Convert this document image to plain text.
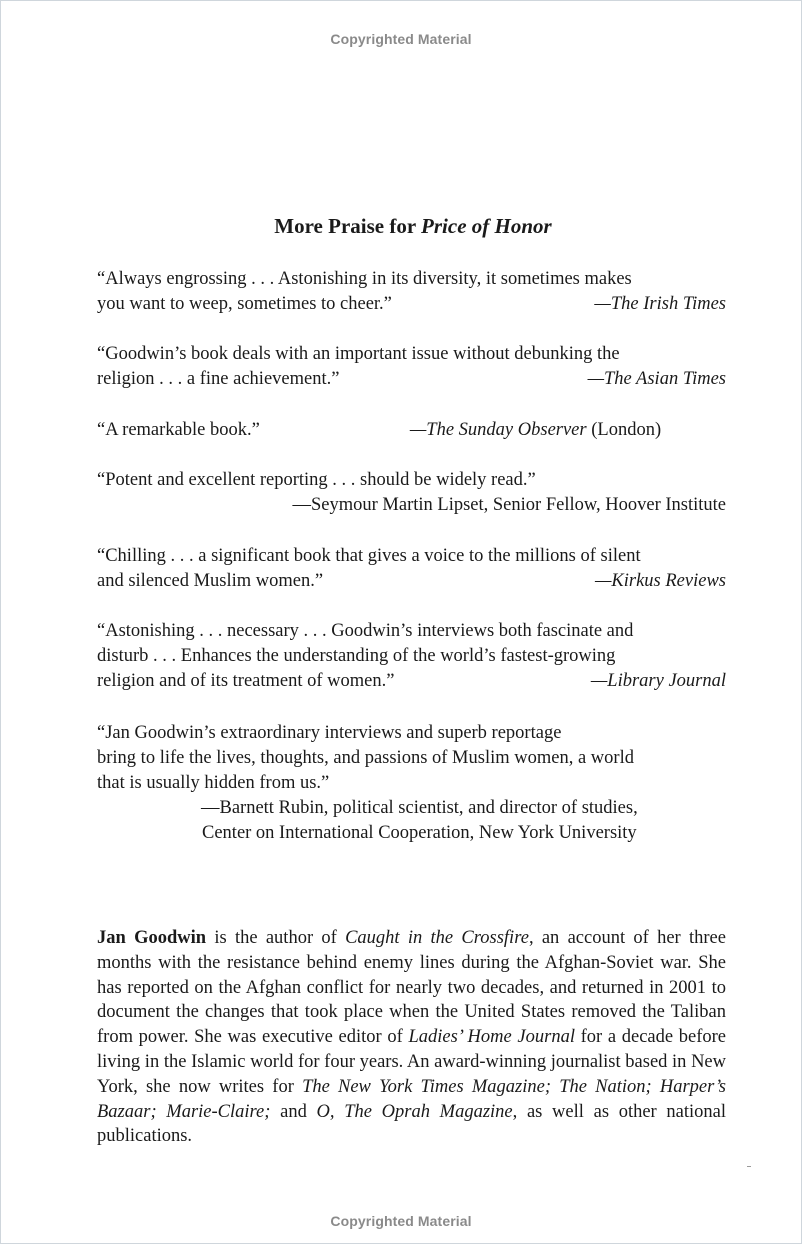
Copyrighted Material
More Praise for Price of Honor
“Always engrossing . . . Astonishing in its diversity, it sometimes makes
you want to weep, sometimes to cheer.”	—The Irish Times
“Goodwin’s book deals with an important issue without debunking the
religion . . . a fine achievement.”	—The Asian Times
“A remarkable book.”	—The Sunday Observer (London)
“Potent and excellent reporting . . . should be widely read.”
—Seymour Martin Lipset, Senior Fellow, Hoover Institute
“Chilling . . . a significant book that gives a voice to the millions of silent
and silenced Muslim women.”	—Kirkus Reviews
“Astonishing . . . necessary . . . Goodwin’s interviews both fascinate and
disturb . . . Enhances the understanding of the world’s fastest-growing
religion and of its treatment of women.”	—Library Journal
“Jan Goodwin’s extraordinary interviews and superb reportage
bring to life the lives, thoughts, and passions of Muslim women, a world
that is usually hidden from us.”
—Barnett Rubin, political scientist, and director of studies,
Center on International Cooperation, New York University
Jan Goodwin is the author of Caught in the Crossfire, an account of her three months with the resistance behind enemy lines during the Afghan-Soviet war. She has reported on the Afghan conflict for nearly two decades, and returned in 2001 to document the changes that took place when the United States removed the Taliban from power. She was executive editor of Ladies’ Home Journal for a decade before living in the Islamic world for four years. An award-winning journalist based in New York, she now writes for The New York Times Magazine; The Nation; Harper’s Bazaar; Marie-Claire; and O, The Oprah Magazine, as well as other national publications.
Copyrighted Material
